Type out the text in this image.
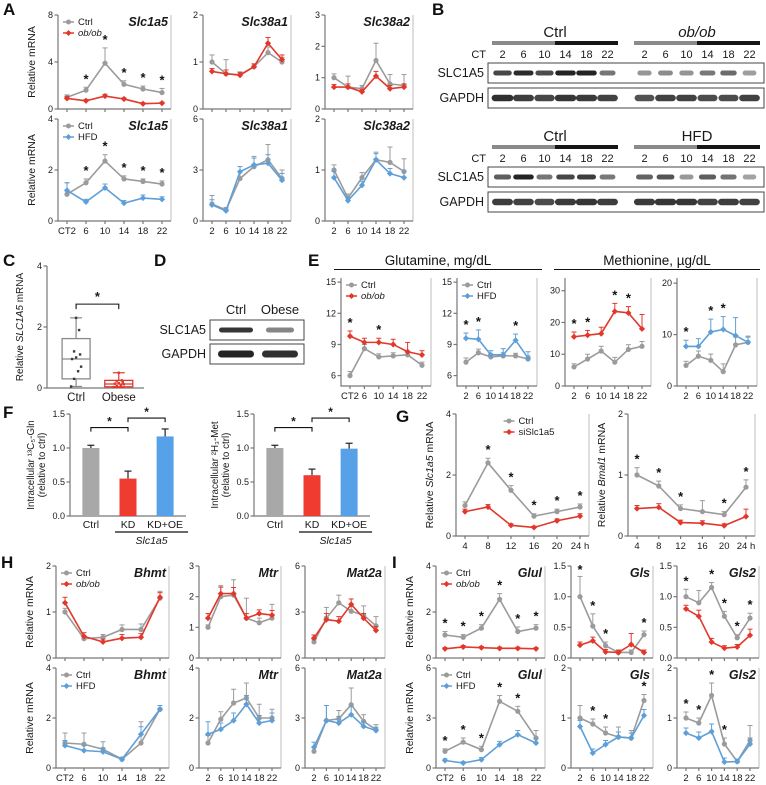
A
0
4
8
*
*
* * *
Slc1a5
Ctrl
ob/ob
Relative mRNA
0
1
2	Slc38a1
0
1
2
3	Slc38a2
0
2
4
CT2 6 10 14 18 22
*
*
* * *
Slc1a5
Ctrl
HFD
Relative mRNA
0
3
6
2 6 10 14 18 22
Slc38a1
0
1
2
2 6 10 14 18 22
Slc38a2
B
Ctrl	ob/ob
CT 2 6 10 14 18 22	2 6 10 14 18 22
SLC1A5
GAPDH
Ctrl	HFD
CT 2 6 10 14 18 22	2 6 10 14 18 22
SLC1A5
GAPDH
C
0
2
4
Ctrl Obese
*
Relative SLC1A5 mRNA
D
Ctrl Obese
SLC1A5
GAPDH
E	Glutamine, mg/dL	Methionine, µg/dL
6
9
12
15
CT2 6 10 14 18 22
* *
Ctrl
ob/ob
6
9
12
15
2 6 10 14 18 22
* * *
Ctrl
HFD
0
10
20
30
2 6 10 14 18 22
* *
* *
0
10
20
2 6 10 14 18 22
*
* *
F
0.0
0.5
1.0
1.5
Ctrl KD KD+OE
Slc1a5
*
*
Intracellular ¹³C₅-Gln (relative to ctrl)
0.0
0.5
1.0
1.5
Ctrl KD KD+OE
Slc1a5
*
*
Intracellular ²H₃-Met (relative to ctrl)
G
0
2
4
4 8 12 16 20 24 h
*
*
* * *
Ctrl
siSlc1a5
Relative Slc1a5 mRNA
0
1
2
4 8 12 16 20 24 h
*
*
*	*
*
Relative Bmal1 mRNA
H
0
1
2	Bhmt
Ctrl
ob/ob
Relative mRNA
0
1
2
3	Mtr
0
3
6	Mat2a
0
2
4
CT2 6 10 14 18 22
Bhmt
Ctrl
HFD
Relative mRNA
0
2
4
2 6 10 14 18 22
Mtr
0
3
6
2 6 10 14 18 22
Mat2a
I
0
2
4
* *
*
*
* *
Glul
Ctrl
ob/ob
Relatvie mRNA
0.0
0.5
1.0
1.5 *
*
*
*
Gls
0.0
0.5
1.0
1.5
* *
*
*
*
Gls2
0
3
6
CT2 6 10 14 18 22
*
*
*
*
*
Glul
Ctrl
HFD
Relatvie mRNA
0
1
2
2 6 10 14 18 22
*
*
*
Gls
0
1
2
2 6 10 14 18 22
* *
*
*
Gls2
